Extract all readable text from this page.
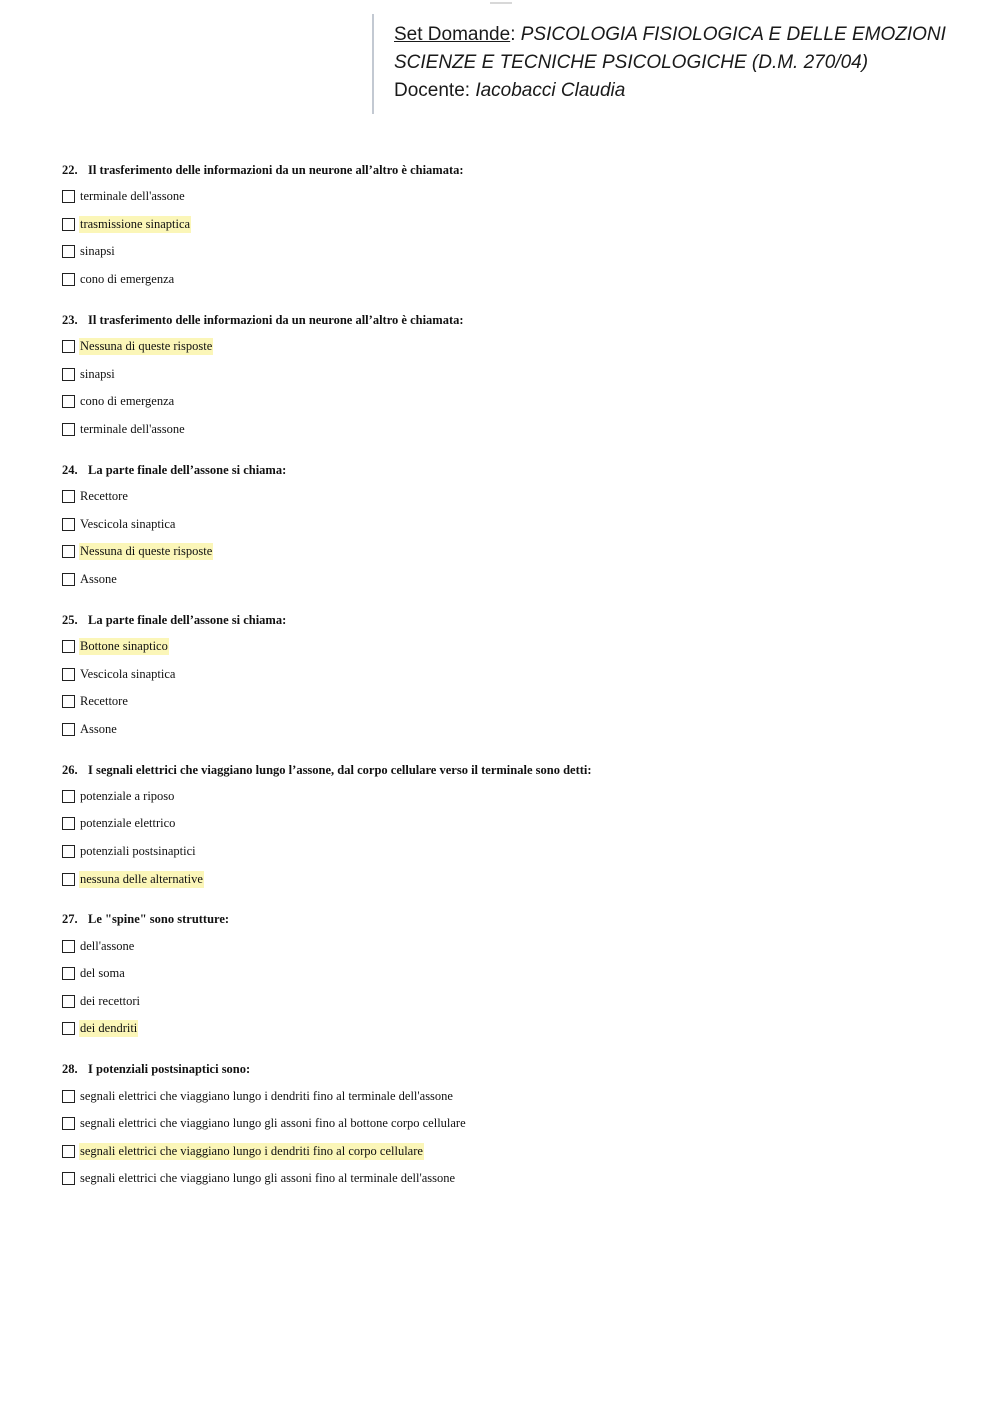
Set Domande: PSICOLOGIA FISIOLOGICA E DELLE EMOZIONI
SCIENZE E TECNICHE PSICOLOGICHE (D.M. 270/04)
Docente: Iacobacci Claudia
22. Il trasferimento delle informazioni da un neurone all’altro è chiamata:
terminale dell'assone
trasmissione sinaptica
sinapsi
cono di emergenza
23. Il trasferimento delle informazioni da un neurone all’altro è chiamata:
Nessuna di queste risposte
sinapsi
cono di emergenza
terminale dell'assone
24. La parte finale dell’assone si chiama:
Recettore
Vescicola sinaptica
Nessuna di queste risposte
Assone
25. La parte finale dell’assone si chiama:
Bottone sinaptico
Vescicola sinaptica
Recettore
Assone
26. I segnali elettrici che viaggiano lungo l’assone, dal corpo cellulare verso il terminale sono detti:
potenziale a riposo
potenziale elettrico
potenziali postsinaptici
nessuna delle alternative
27. Le "spine" sono strutture:
dell'assone
del soma
dei recettori
dei dendriti
28. I potenziali postsinaptici sono:
segnali elettrici che viaggiano lungo i dendriti fino al terminale dell'assone
segnali elettrici che viaggiano lungo gli assoni fino al bottone corpo cellulare
segnali elettrici che viaggiano lungo i dendriti fino al corpo cellulare
segnali elettrici che viaggiano lungo gli assoni fino al terminale dell'assone
